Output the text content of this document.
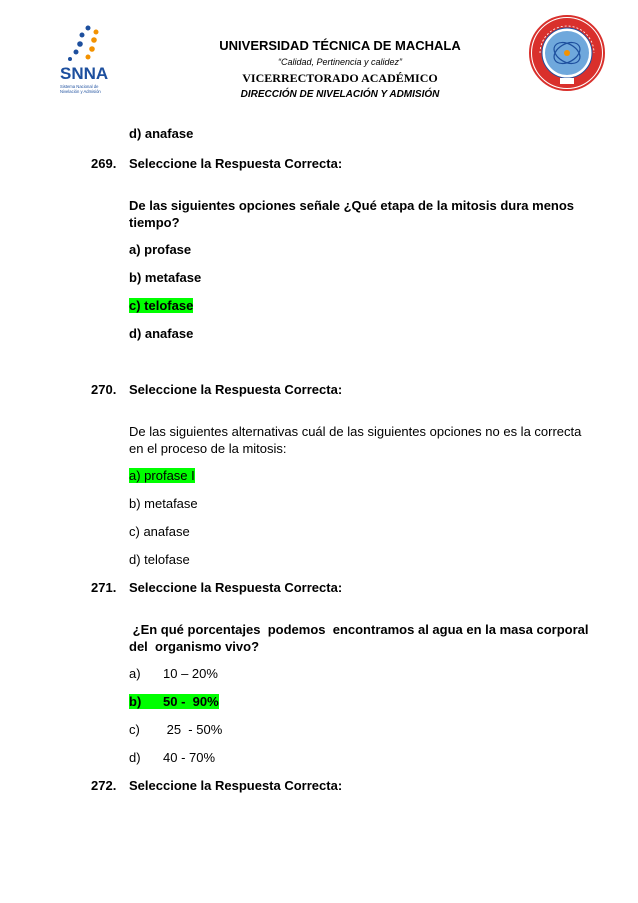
SNNA
Sistema Nacional de
Nivelación y Admisión
UNIVERSIDAD TÉCNICA DE MACHALA
“Calidad, Pertinencia y calidez”
VICERRECTORADO ACADÉMICO
DIRECCIÓN DE NIVELACIÓN Y ADMISIÓN
d) anafase
269. Seleccione la Respuesta Correcta:
De las siguientes opciones señale ¿Qué etapa de la mitosis dura menos tiempo?
a) profase
b) metafase
c) telofase
d) anafase
270. Seleccione la Respuesta Correcta:
De las siguientes alternativas cuál de las siguientes opciones no es la correcta en el proceso de la mitosis:
a) profase I
b) metafase
c) anafase
d) telofase
271. Seleccione la Respuesta Correcta:
¿En qué porcentajes  podemos  encontramos al agua en la masa corporal del  organismo vivo?
a) 10 – 20%
b) 50 -  90%
c) 25  - 50%
d) 40 - 70%
272. Seleccione la Respuesta Correcta:
